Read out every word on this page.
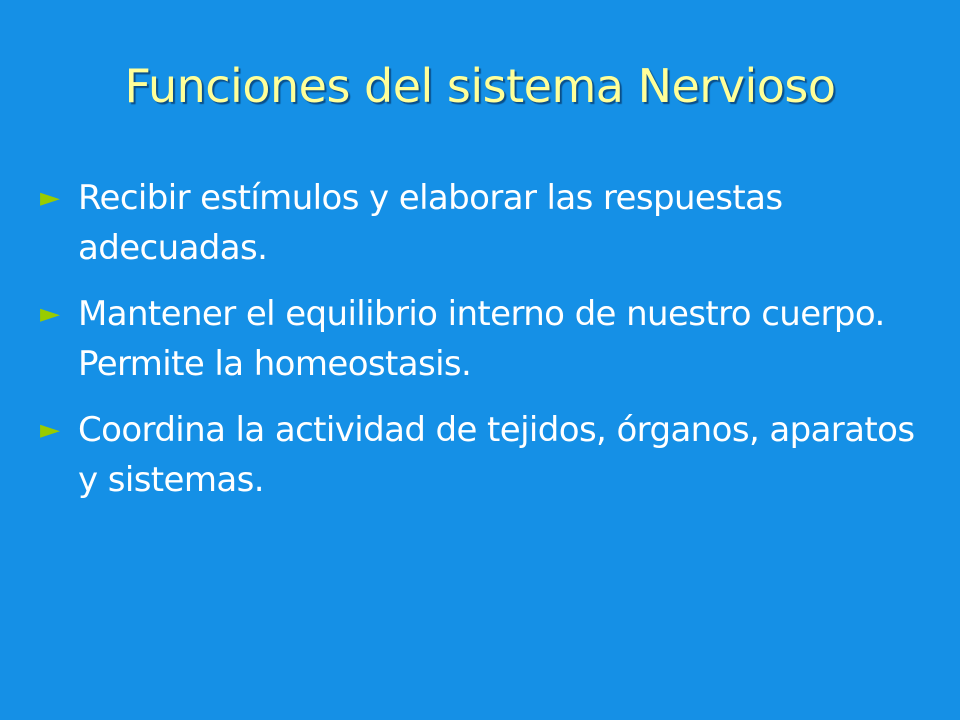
Funciones del sistema Nervioso
► Recibir estímulos y elaborar las respuestas adecuadas.
► Mantener el equilibrio interno de nuestro cuerpo. Permite la homeostasis.
► Coordina la actividad de tejidos, órganos, aparatos y sistemas.
